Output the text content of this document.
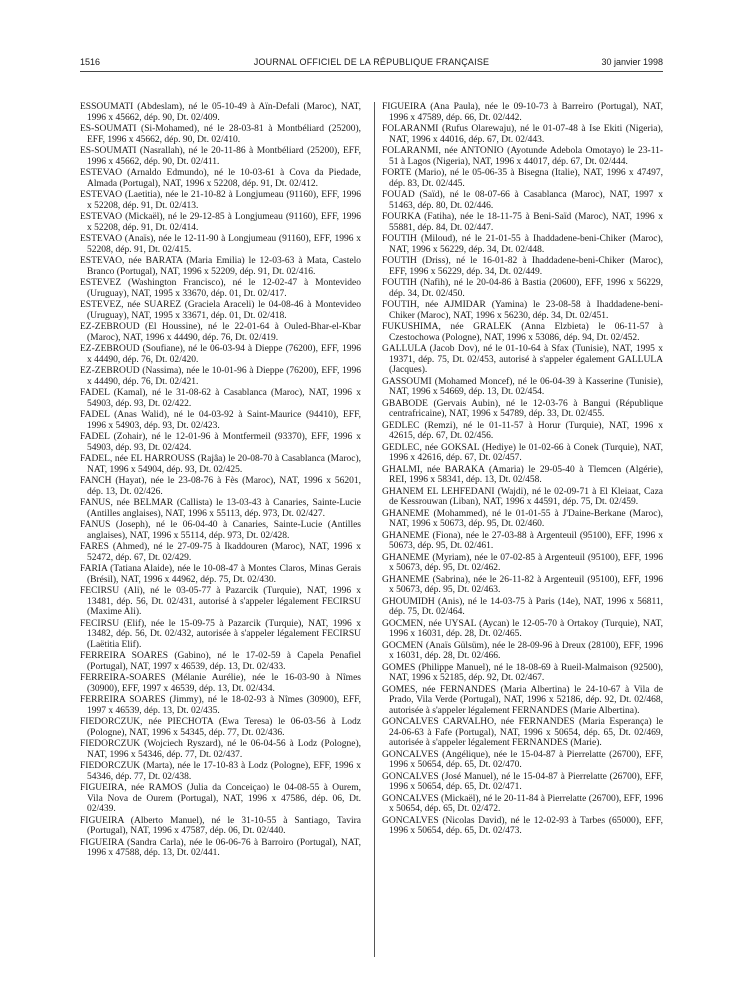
1516	JOURNAL OFFICIEL DE LA RÉPUBLIQUE FRANÇAISE	30 janvier 1998
ESSOUMATI (Abdeslam), né le 05-10-49 à Aïn-Defali (Maroc), NAT, 1996 x 45662, dép. 90, Dt. 02/409.
ES-SOUMATI (Si-Mohamed), né le 28-03-81 à Montbéliard (25200), EFF, 1996 x 45662, dép. 90, Dt. 02/410.
ES-SOUMATI (Nasrallah), né le 20-11-86 à Montbéliard (25200), EFF, 1996 x 45662, dép. 90, Dt. 02/411.
ESTEVAO (Arnaldo Edmundo), né le 10-03-61 à Cova da Piedade, Almada (Portugal), NAT, 1996 x 52208, dép. 91, Dt. 02/412.
ESTEVAO (Laetitia), née le 21-10-82 à Longjumeau (91160), EFF, 1996 x 52208, dép. 91, Dt. 02/413.
ESTEVAO (Mickaël), né le 29-12-85 à Longjumeau (91160), EFF, 1996 x 52208, dép. 91, Dt. 02/414.
ESTEVAO (Anaïs), née le 12-11-90 à Longjumeau (91160), EFF, 1996 x 52208, dép. 91, Dt. 02/415.
ESTEVAO, née BARATA (Maria Emilia) le 12-03-63 à Mata, Castelo Branco (Portugal), NAT, 1996 x 52209, dép. 91, Dt. 02/416.
ESTEVEZ (Washington Francisco), né le 12-02-47 à Montevideo (Uruguay), NAT, 1995 x 33670, dép. 01, Dt. 02/417.
ESTEVEZ, née SUAREZ (Graciela Araceli) le 04-08-46 à Montevideo (Uruguay), NAT, 1995 x 33671, dép. 01, Dt. 02/418.
EZ-ZEBROUD (El Houssine), né le 22-01-64 à Ouled-Bhar-el-Kbar (Maroc), NAT, 1996 x 44490, dép. 76, Dt. 02/419.
EZ-ZEBROUD (Soufiane), né le 06-03-94 à Dieppe (76200), EFF, 1996 x 44490, dép. 76, Dt. 02/420.
EZ-ZEBROUD (Nassima), née le 10-01-96 à Dieppe (76200), EFF, 1996 x 44490, dép. 76, Dt. 02/421.
FADEL (Kamal), né le 31-08-62 à Casablanca (Maroc), NAT, 1996 x 54903, dép. 93, Dt. 02/422.
FADEL (Anas Walid), né le 04-03-92 à Saint-Maurice (94410), EFF, 1996 x 54903, dép. 93, Dt. 02/423.
FADEL (Zohair), né le 12-01-96 à Montfermeil (93370), EFF, 1996 x 54903, dép. 93, Dt. 02/424.
FADEL, née EL HARROUSS (Rajâa) le 20-08-70 à Casablanca (Maroc), NAT, 1996 x 54904, dép. 93, Dt. 02/425.
FANCH (Hayat), née le 23-08-76 à Fès (Maroc), NAT, 1996 x 56201, dép. 13, Dt. 02/426.
FANUS, née BELMAR (Callista) le 13-03-43 à Canaries, Sainte-Lucie (Antilles anglaises), NAT, 1996 x 55113, dép. 973, Dt. 02/427.
FANUS (Joseph), né le 06-04-40 à Canaries, Sainte-Lucie (Antilles anglaises), NAT, 1996 x 55114, dép. 973, Dt. 02/428.
FARES (Ahmed), né le 27-09-75 à Ikaddouren (Maroc), NAT, 1996 x 52472, dép. 67, Dt. 02/429.
FARIA (Tatiana Alaide), née le 10-08-47 à Montes Claros, Minas Gerais (Brésil), NAT, 1996 x 44962, dép. 75, Dt. 02/430.
FECIRSU (Ali), né le 03-05-77 à Pazarcik (Turquie), NAT, 1996 x 13481, dép. 56, Dt. 02/431, autorisé à s'appeler légalement FECIRSU (Maxime Ali).
FECIRSU (Elif), née le 15-09-75 à Pazarcik (Turquie), NAT, 1996 x 13482, dép. 56, Dt. 02/432, autorisée à s'appeler légalement FECIRSU (Laëtitia Elif).
FERREIRA SOARES (Gabino), né le 17-02-59 à Capela Penafiel (Portugal), NAT, 1997 x 46539, dép. 13, Dt. 02/433.
FERREIRA-SOARES (Mélanie Aurélie), née le 16-03-90 à Nîmes (30900), EFF, 1997 x 46539, dép. 13, Dt. 02/434.
FERREIRA SOARES (Jimmy), né le 18-02-93 à Nîmes (30900), EFF, 1997 x 46539, dép. 13, Dt. 02/435.
FIEDORCZUK, née PIECHOTA (Ewa Teresa) le 06-03-56 à Lodz (Pologne), NAT, 1996 x 54345, dép. 77, Dt. 02/436.
FIEDORCZUK (Wojciech Ryszard), né le 06-04-56 à Lodz (Pologne), NAT, 1996 x 54346, dép. 77, Dt. 02/437.
FIEDORCZUK (Marta), née le 17-10-83 à Lodz (Pologne), EFF, 1996 x 54346, dép. 77, Dt. 02/438.
FIGUEIRA, née RAMOS (Julia da Conceiçao) le 04-08-55 à Ourem, Vila Nova de Ourem (Portugal), NAT, 1996 x 47586, dép. 06, Dt. 02/439.
FIGUEIRA (Alberto Manuel), né le 31-10-55 à Santiago, Tavira (Portugal), NAT, 1996 x 47587, dép. 06, Dt. 02/440.
FIGUEIRA (Sandra Carla), née le 06-06-76 à Barroiro (Portugal), NAT, 1996 x 47588, dép. 13, Dt. 02/441.
FIGUEIRA (Ana Paula), née le 09-10-73 à Barreiro (Portugal), NAT, 1996 x 47589, dép. 66, Dt. 02/442.
FOLARANMI (Rufus Olarewaju), né le 01-07-48 à Ise Ekiti (Nigeria), NAT, 1996 x 44016, dép. 67, Dt. 02/443.
FOLARANMI, née ANTONIO (Ayotunde Adebola Omotayo) le 23-11-51 à Lagos (Nigeria), NAT, 1996 x 44017, dép. 67, Dt. 02/444.
FORTE (Mario), né le 05-06-35 à Bisegna (Italie), NAT, 1996 x 47497, dép. 83, Dt. 02/445.
FOUAD (Saïd), né le 08-07-66 à Casablanca (Maroc), NAT, 1997 x 51463, dép. 80, Dt. 02/446.
FOURKA (Fatiha), née le 18-11-75 à Beni-Saïd (Maroc), NAT, 1996 x 55881, dép. 84, Dt. 02/447.
FOUTIH (Miloud), né le 21-01-55 à Ihaddadene-beni-Chiker (Maroc), NAT, 1996 x 56229, dép. 34, Dt. 02/448.
FOUTIH (Driss), né le 16-01-82 à Ihaddadene-beni-Chiker (Maroc), EFF, 1996 x 56229, dép. 34, Dt. 02/449.
FOUTIH (Nafih), né le 20-04-86 à Bastia (20600), EFF, 1996 x 56229, dép. 34, Dt. 02/450.
FOUTIH, née AJMIDAR (Yamina) le 23-08-58 à Ihaddadene-beni-Chiker (Maroc), NAT, 1996 x 56230, dép. 34, Dt. 02/451.
FUKUSHIMA, née GRALEK (Anna Elzbieta) le 06-11-57 à Czestochowa (Pologne), NAT, 1996 x 53086, dép. 94, Dt. 02/452.
GALLULA (Jacob Dov), né le 01-10-64 à Sfax (Tunisie), NAT, 1995 x 19371, dép. 75, Dt. 02/453, autorisé à s'appeler également GALLULA (Jacques).
GASSOUMI (Mohamed Moncef), né le 06-04-39 à Kasserine (Tunisie), NAT, 1996 x 54669, dép. 13, Dt. 02/454.
GBABODE (Gervais Aubin), né le 12-03-76 à Bangui (République centrafricaine), NAT, 1996 x 54789, dép. 33, Dt. 02/455.
GEDLEC (Remzi), né le 01-11-57 à Horur (Turquie), NAT, 1996 x 42615, dép. 67, Dt. 02/456.
GEDLEC, née GOKSAL (Hediye) le 01-02-66 à Conek (Turquie), NAT, 1996 x 42616, dép. 67, Dt. 02/457.
GHALMI, née BARAKA (Amaria) le 29-05-40 à Tlemcen (Algérie), REI, 1996 x 58341, dép. 13, Dt. 02/458.
GHANEM EL LEHFEDANI (Wajdi), né le 02-09-71 à El Kleiaat, Caza de Kessrouwan (Liban), NAT, 1996 x 44591, dép. 75, Dt. 02/459.
GHANEME (Mohammed), né le 01-01-55 à J'Daine-Berkane (Maroc), NAT, 1996 x 50673, dép. 95, Dt. 02/460.
GHANEME (Fiona), née le 27-03-88 à Argenteuil (95100), EFF, 1996 x 50673, dép. 95, Dt. 02/461.
GHANEME (Myriam), née le 07-02-85 à Argenteuil (95100), EFF, 1996 x 50673, dép. 95, Dt. 02/462.
GHANEME (Sabrina), née le 26-11-82 à Argenteuil (95100), EFF, 1996 x 50673, dép. 95, Dt. 02/463.
GHOUMIDH (Anis), né le 14-03-75 à Paris (14e), NAT, 1996 x 56811, dép. 75, Dt. 02/464.
GOCMEN, née UYSAL (Aycan) le 12-05-70 à Ortakoy (Turquie), NAT, 1996 x 16031, dép. 28, Dt. 02/465.
GOCMEN (Anaïs Gülsüm), née le 28-09-96 à Dreux (28100), EFF, 1996 x 16031, dép. 28, Dt. 02/466.
GOMES (Philippe Manuel), né le 18-08-69 à Rueil-Malmaison (92500), NAT, 1996 x 52185, dép. 92, Dt. 02/467.
GOMES, née FERNANDES (Maria Albertina) le 24-10-67 à Vila de Prado, Vila Verde (Portugal), NAT, 1996 x 52186, dép. 92, Dt. 02/468, autorisée à s'appeler légalement FERNANDES (Marie Albertina).
GONCALVES CARVALHO, née FERNANDES (Maria Esperança) le 24-06-63 à Fafe (Portugal), NAT, 1996 x 50654, dép. 65, Dt. 02/469, autorisée à s'appeler légalement FERNANDES (Marie).
GONCALVES (Angélique), née le 15-04-87 à Pierrelatte (26700), EFF, 1996 x 50654, dép. 65, Dt. 02/470.
GONCALVES (José Manuel), né le 15-04-87 à Pierrelatte (26700), EFF, 1996 x 50654, dép. 65, Dt. 02/471.
GONCALVES (Mickaël), né le 20-11-84 à Pierrelatte (26700), EFF, 1996 x 50654, dép. 65, Dt. 02/472.
GONCALVES (Nicolas David), né le 12-02-93 à Tarbes (65000), EFF, 1996 x 50654, dép. 65, Dt. 02/473.
